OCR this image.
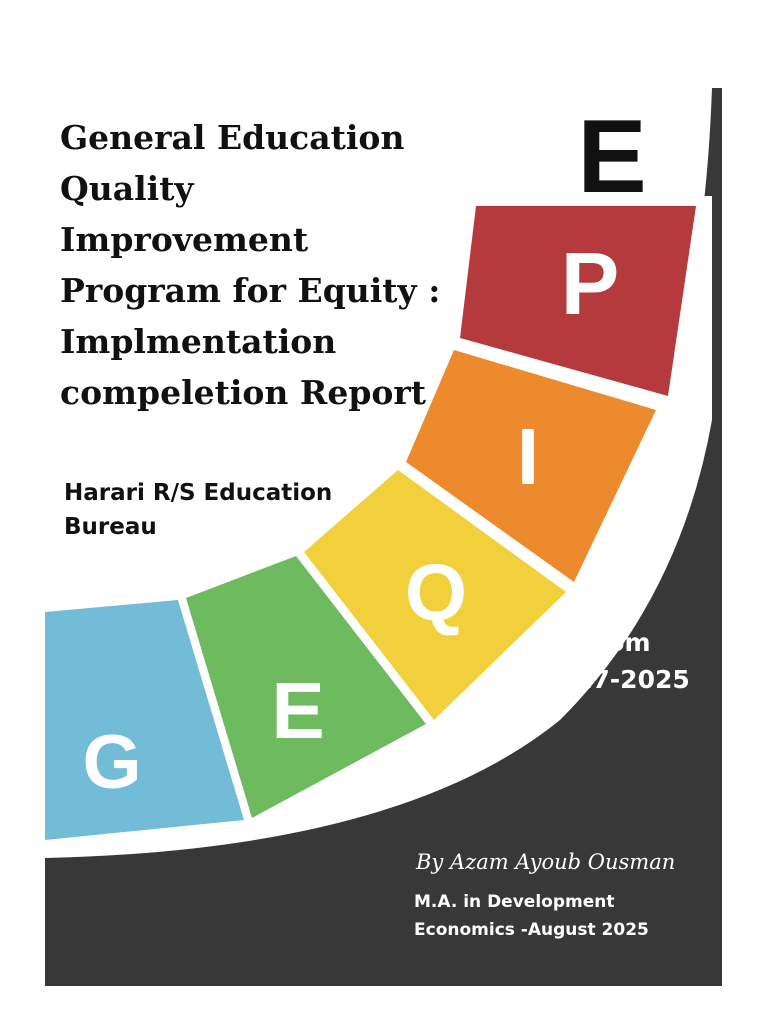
G
E
Q
I
P
E
General Education
Quality
Improvement
Program for Equity :
Implmentation
compeletion Report
Harari R/S Education
Bureau
From
2017-2025
By Azam Ayoub Ousman
M.A. in Development
Economics -August 2025
